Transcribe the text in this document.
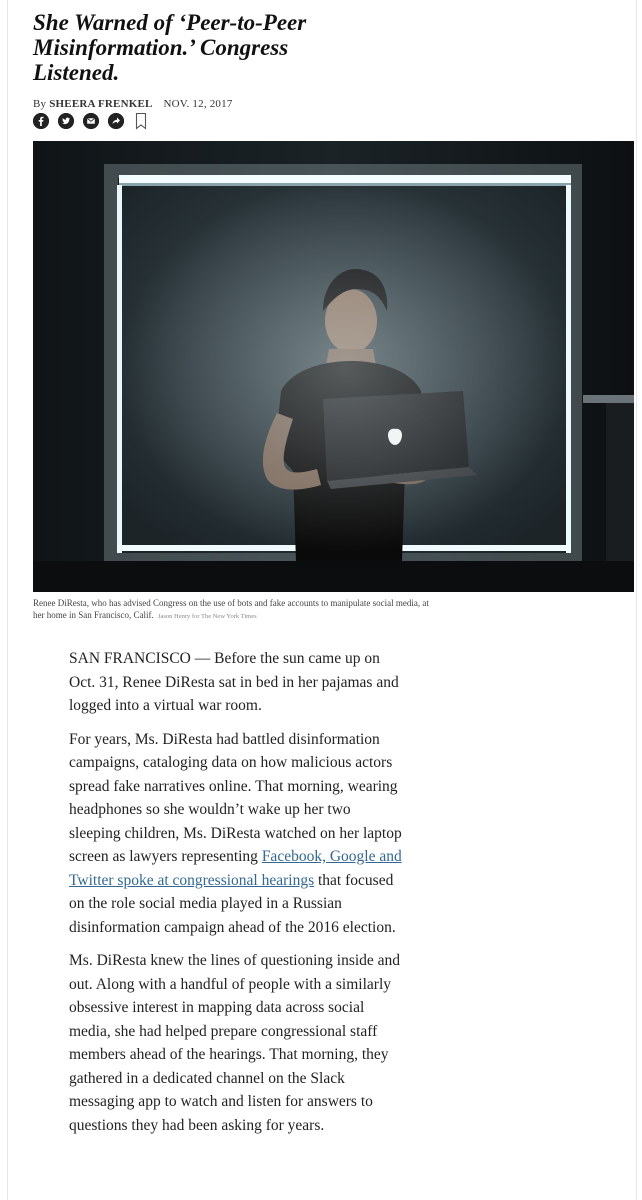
She Warned of ‘Peer-to-Peer
Misinformation.’ Congress
Listened.
By SHEERA FRENKEL NOV. 12, 2017
Renee DiResta, who has advised Congress on the use of bots and fake accounts to manipulate social media, at her home in San Francisco, Calif. Jason Henry for The New York Times

SAN FRANCISCO — Before the sun came up on Oct. 31, Renee DiResta sat in bed in her pajamas and logged into a virtual war room.

For years, Ms. DiResta had battled disinformation campaigns, cataloging data on how malicious actors spread fake narratives online. That morning, wearing headphones so she wouldn’t wake up her two sleeping children, Ms. DiResta watched on her laptop screen as lawyers representing Facebook, Google and Twitter spoke at congressional hearings that focused on the role social media played in a Russian disinformation campaign ahead of the 2016 election.

Ms. DiResta knew the lines of questioning inside and out. Along with a handful of people with a similarly obsessive interest in mapping data across social media, she had helped prepare congressional staff members ahead of the hearings. That morning, they gathered in a dedicated channel on the Slack messaging app to watch and listen for answers to questions they had been asking for years.
